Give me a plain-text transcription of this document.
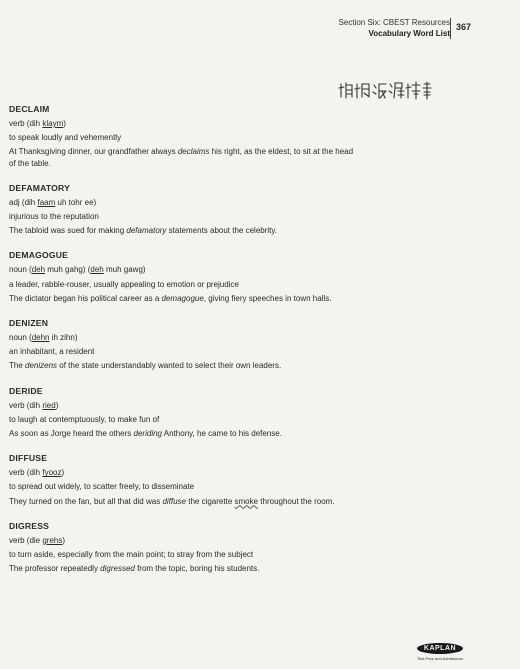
Section Six: CBEST Resources
Vocabulary Word List
367
DECLAIM
verb (dih klaym)
to speak loudly and vehemently
At Thanksgiving dinner, our grandfather always declaims his right, as the eldest, to sit at the head of the table.
DEFAMATORY
adj (dih faam uh tohr ee)
injurious to the reputation
The tabloid was sued for making defamatory statements about the celebrity.
DEMAGOGUE
noun (deh muh gahg) (deh muh gawg)
a leader, rabble-rouser, usually appealing to emotion or prejudice
The dictator began his political career as a demagogue, giving fiery speeches in town halls.
DENIZEN
noun (dehn ih zihn)
an inhabitant, a resident
The denizens of the state understandably wanted to select their own leaders.
DERIDE
verb (dih ried)
to laugh at contemptuously, to make fun of
As soon as Jorge heard the others deriding Anthony, he came to his defense.
DIFFUSE
verb (dih fyooz)
to spread out widely, to scatter freely, to disseminate
They turned on the fan, but all that did was diffuse the cigarette smoke throughout the room.
DIGRESS
verb (die grehs)
to turn aside, especially from the main point; to stray from the subject
The professor repeatedly digressed from the topic, boring his students.
KAPLAN
Test Prep and Admissions
